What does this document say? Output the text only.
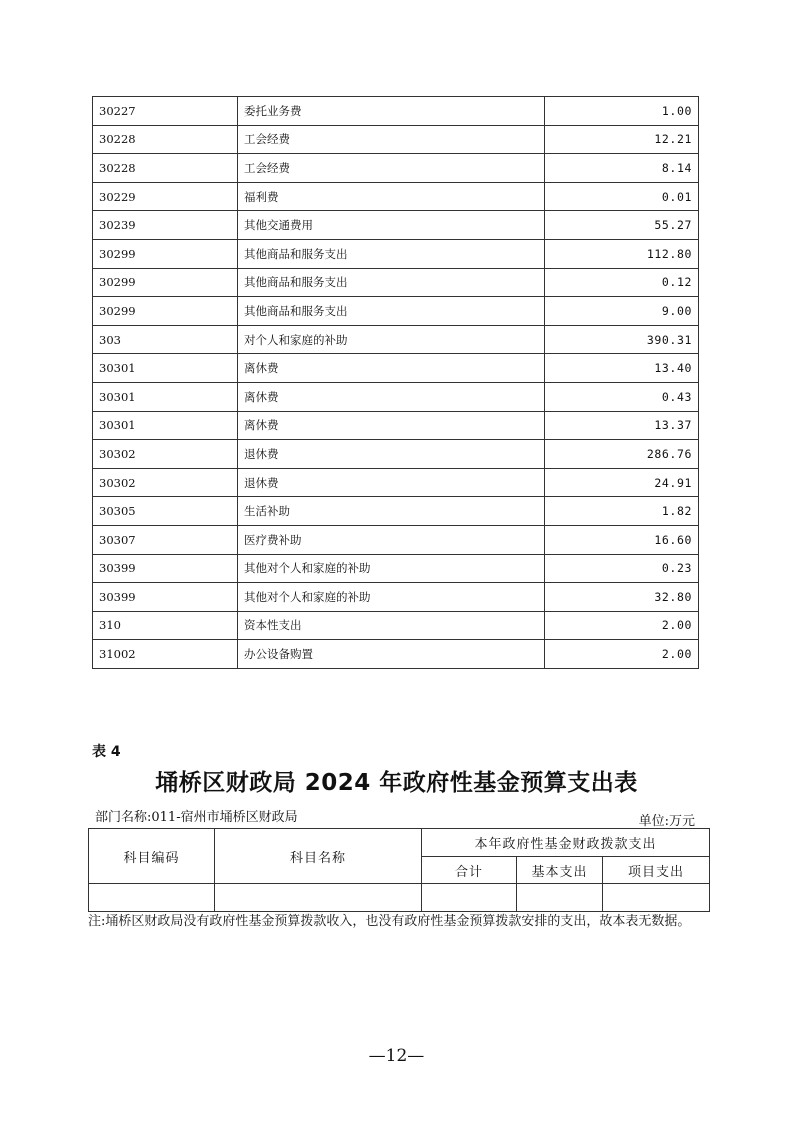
30227	委托业务费	1.00
30228	工会经费	12.21
30228	工会经费	8.14
30229	福利费	0.01
30239	其他交通费用	55.27
30299	其他商品和服务支出	112.80
30299	其他商品和服务支出	0.12
30299	其他商品和服务支出	9.00
303	对个人和家庭的补助	390.31
30301	离休费	13.40
30301	离休费	0.43
30301	离休费	13.37
30302	退休费	286.76
30302	退休费	24.91
30305	生活补助	1.82
30307	医疗费补助	16.60
30399	其他对个人和家庭的补助	0.23
30399	其他对个人和家庭的补助	32.80
310	资本性支出	2.00
31002	办公设备购置	2.00
表 4
埇桥区财政局 2024 年政府性基金预算支出表
部门名称:011-宿州市埇桥区财政局	单位:万元
科目编码	科目名称	本年政府性基金财政拨款支出		
		合计	基本支出	项目支出

注:埇桥区财政局没有政府性基金预算拨款收入，也没有政府性基金预算拨款安排的支出，故本表无数据。
—12—
